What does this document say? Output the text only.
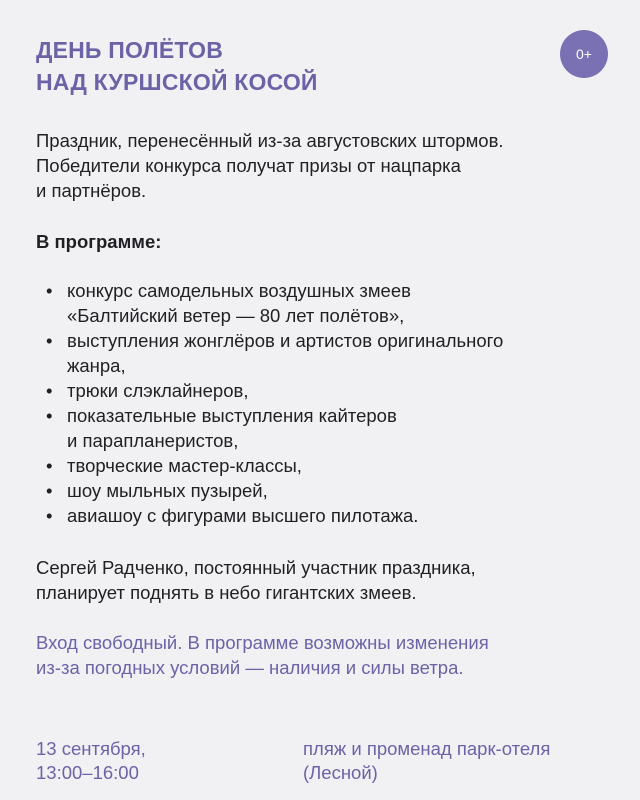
ДЕНЬ ПОЛЁТОВ
НАД КУРШСКОЙ КОСОЙ
0+

Праздник, перенесённый из-за августовских штормов.
Победители конкурса получат призы от нацпарка
и партнёров.

В программе:

• конкурс самодельных воздушных змеев
«Балтийский ветер — 80 лет полётов»,
• выступления жонглёров и артистов оригинального
жанра,
• трюки слэклайнеров,
• показательные выступления кайтеров
и парапланеристов,
• творческие мастер-классы,
• шоу мыльных пузырей,
• авиашоу с фигурами высшего пилотажа.

Сергей Радченко, постоянный участник праздника,
планирует поднять в небо гигантских змеев.

Вход свободный. В программе возможны изменения
из-за погодных условий — наличия и силы ветра.

13 сентября,
13:00–16:00
пляж и променад парк-отеля
(Лесной)
